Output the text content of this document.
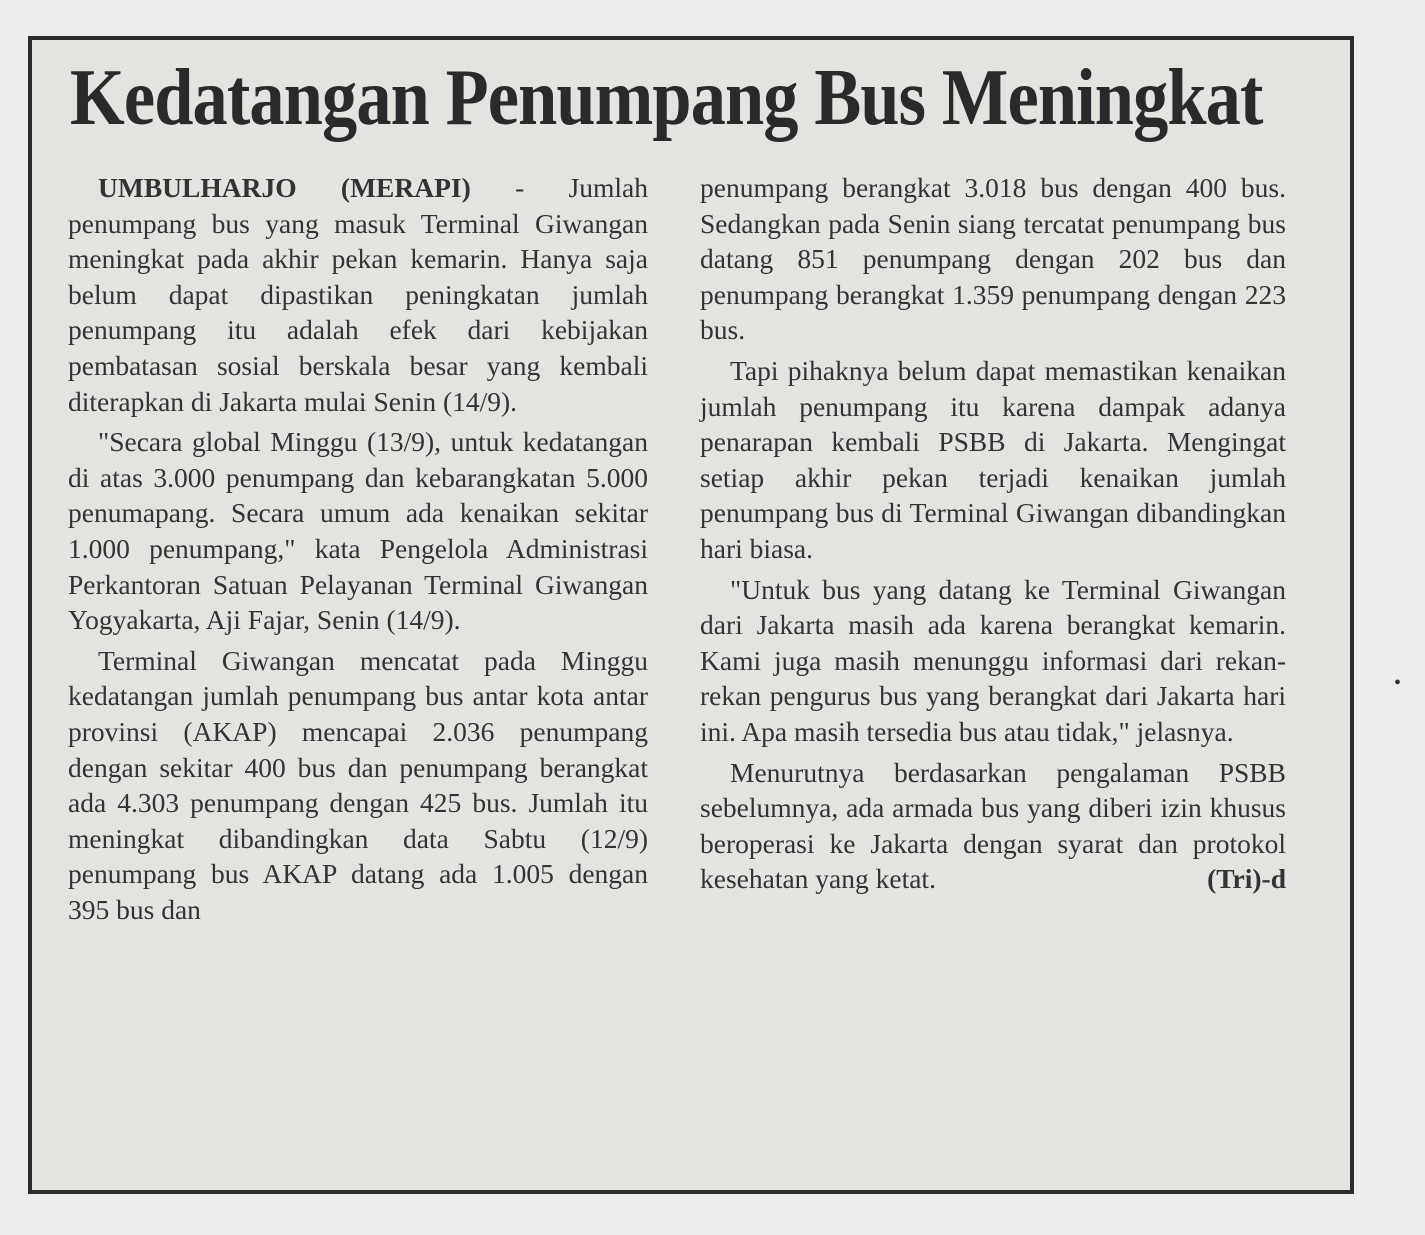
Kedatangan Penumpang Bus Meningkat

UMBULHARJO (MERAPI) - Jumlah penumpang bus yang masuk Terminal Giwangan meningkat pada akhir pekan kemarin. Hanya saja belum dapat dipastikan peningkatan jumlah penumpang itu adalah efek dari kebijakan pembatasan sosial berskala besar yang kembali diterapkan di Jakarta mulai Senin (14/9).

"Secara global Minggu (13/9), untuk kedatangan di atas 3.000 penumpang dan kebarangkatan 5.000 penumapang. Secara umum ada kenaikan sekitar 1.000 penumpang," kata Pengelola Administrasi Perkantoran Satuan Pelayanan Terminal Giwangan Yogyakarta, Aji Fajar, Senin (14/9).

Terminal Giwangan mencatat pada Minggu kedatangan jumlah penumpang bus antar kota antar provinsi (AKAP) mencapai 2.036 penumpang dengan sekitar 400 bus dan penumpang berangkat ada 4.303 penumpang dengan 425 bus. Jumlah itu meningkat dibandingkan data Sabtu (12/9) penumpang bus AKAP datang ada 1.005 dengan 395 bus dan

penumpang berangkat 3.018 bus dengan 400 bus. Sedangkan pada Senin siang tercatat penumpang bus datang 851 penumpang dengan 202 bus dan penumpang berangkat 1.359 penumpang dengan 223 bus.

Tapi pihaknya belum dapat memastikan kenaikan jumlah penumpang itu karena dampak adanya penarapan kembali PSBB di Jakarta. Mengingat setiap akhir pekan terjadi kenaikan jumlah penumpang bus di Terminal Giwangan dibandingkan hari biasa.

"Untuk bus yang datang ke Terminal Giwangan dari Jakarta masih ada karena berangkat kemarin. Kami juga masih menunggu informasi dari rekan-rekan pengurus bus yang berangkat dari Jakarta hari ini. Apa masih tersedia bus atau tidak," jelasnya.

Menurutnya berdasarkan pengalaman PSBB sebelumnya, ada armada bus yang diberi izin khusus beroperasi ke Jakarta dengan syarat dan protokol kesehatan yang ketat.	(Tri)-d

•
